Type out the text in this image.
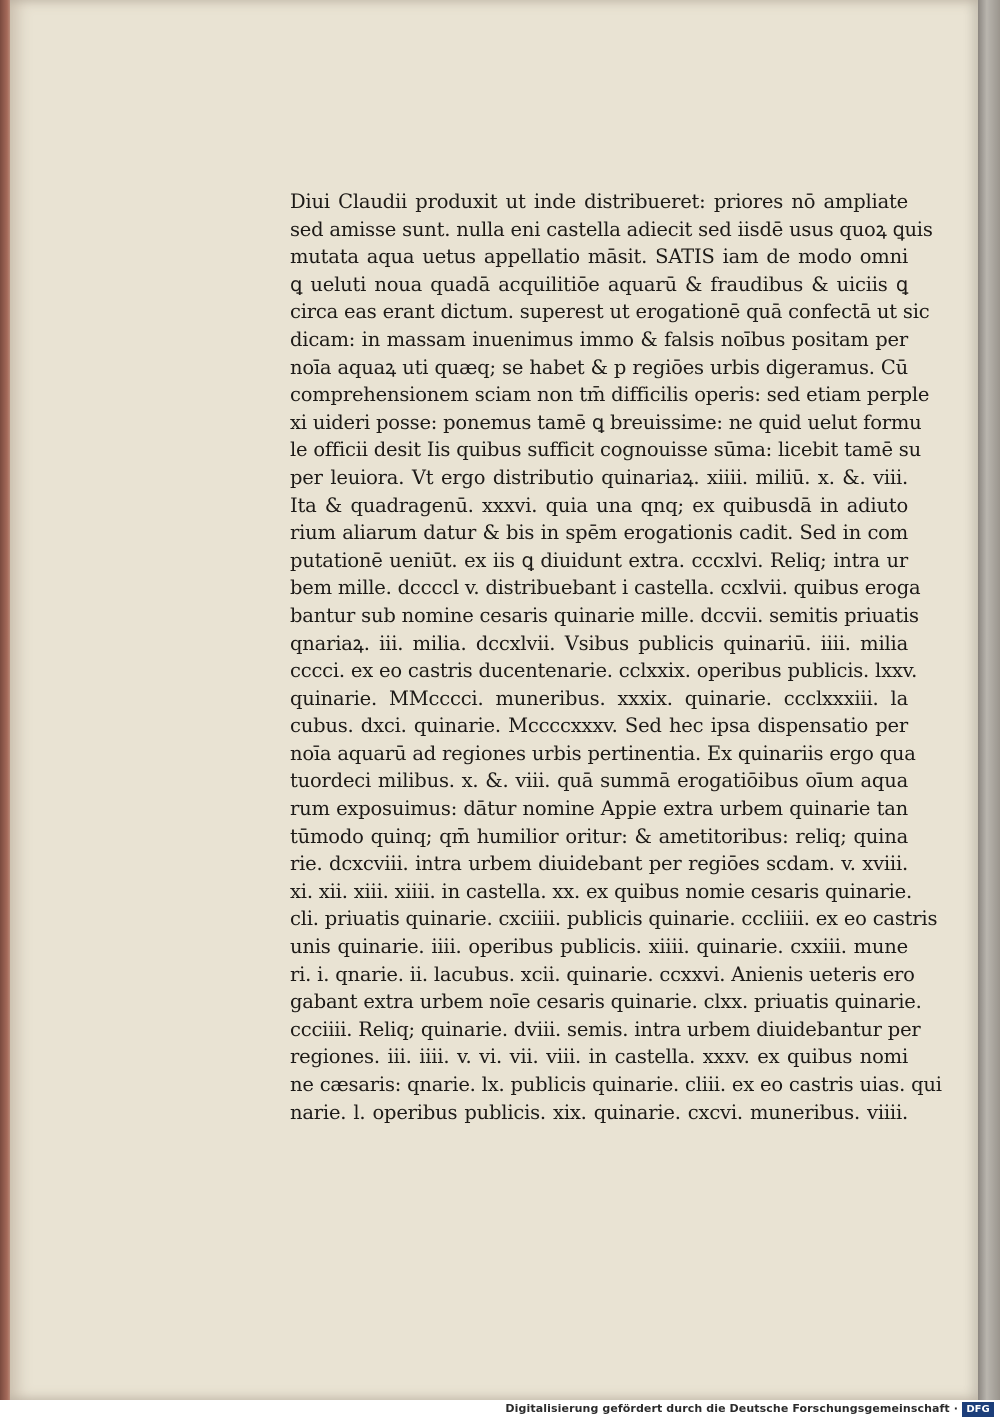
Diui Claudii produxit ut inde distribueret: priores nō ampliate
sed amisse sunt. nulla eni castella adiecit sed iisdē usus quoꝝ ꝗuis
mutata aqua uetus appellatio māsit. SATIS iam de modo omni
ꝗ ueluti noua quadā acquilitiōe aquarū & fraudibus & uiciis ꝗ
circa eas erant dictum. superest ut erogationē quā confectā ut sic
dicam: in massam inuenimus immo & falsis noībus positam per
noīa aquaꝝ uti quæq; se habet & p regiōes urbis digeramus. Cū
comprehensionem sciam non tm̄ difficilis operis: sed etiam perple
xi uideri posse: ponemus tamē ꝗ breuissime: ne quid uelut formu
le officii desit Iis quibus sufficit cognouisse sūma: licebit tamē su
per leuiora. Vt ergo distributio quinariaꝝ. xiiii. miliū. x. &. viii.
Ita & quadragenū. xxxvi. quia una qnq; ex quibusdā in adiuto
rium aliarum datur & bis in spēm erogationis cadit. Sed in com
putationē ueniūt. ex iis ꝗ diuidunt extra. cccxlvi. Reliq; intra ur
bem mille. dccccl v. distribuebant i castella. ccxlvii. quibus eroga
bantur sub nomine cesaris quinarie mille. dccvii. semitis priuatis
qnariaꝝ. iii. milia. dccxlvii. Vsibus publicis quinariū. iiii. milia
cccci. ex eo castris ducentenarie. cclxxix. operibus publicis. lxxv.
quinarie. MMcccci. muneribus. xxxix. quinarie. ccclxxxiii. la
cubus. dxci. quinarie. Mccccxxxv. Sed hec ipsa dispensatio per
noīa aquarū ad regiones urbis pertinentia. Ex quinariis ergo qua
tuordeci milibus. x. &. viii. quā summā erogatiōibus oīum aqua
rum exposuimus: dātur nomine Appie extra urbem quinarie tan
tūmodo quinq; qm̄ humilior oritur: & ametitoribus: reliq; quina
rie. dcxcviii. intra urbem diuidebant per regiōes scdam. v. xviii.
xi. xii. xiii. xiiii. in castella. xx. ex quibus nomie cesaris quinarie.
cli. priuatis quinarie. cxciiii. publicis quinarie. cccliiii. ex eo castris
unis quinarie. iiii. operibus publicis. xiiii. quinarie. cxxiii. mune
ri. i. qnarie. ii. lacubus. xcii. quinarie. ccxxvi. Anienis ueteris ero
gabant extra urbem noīe cesaris quinarie. clxx. priuatis quinarie.
ccciiii. Reliq; quinarie. dviii. semis. intra urbem diuidebantur per
regiones. iii. iiii. v. vi. vii. viii. in castella. xxxv. ex quibus nomi
ne cæsaris: qnarie. lx. publicis quinarie. cliii. ex eo castris uias. qui
narie. l. operibus publicis. xix. quinarie. cxcvi. muneribus. viiii.
Digitalisierung gefördert durch die Deutsche Forschungsgemeinschaft · DFG
